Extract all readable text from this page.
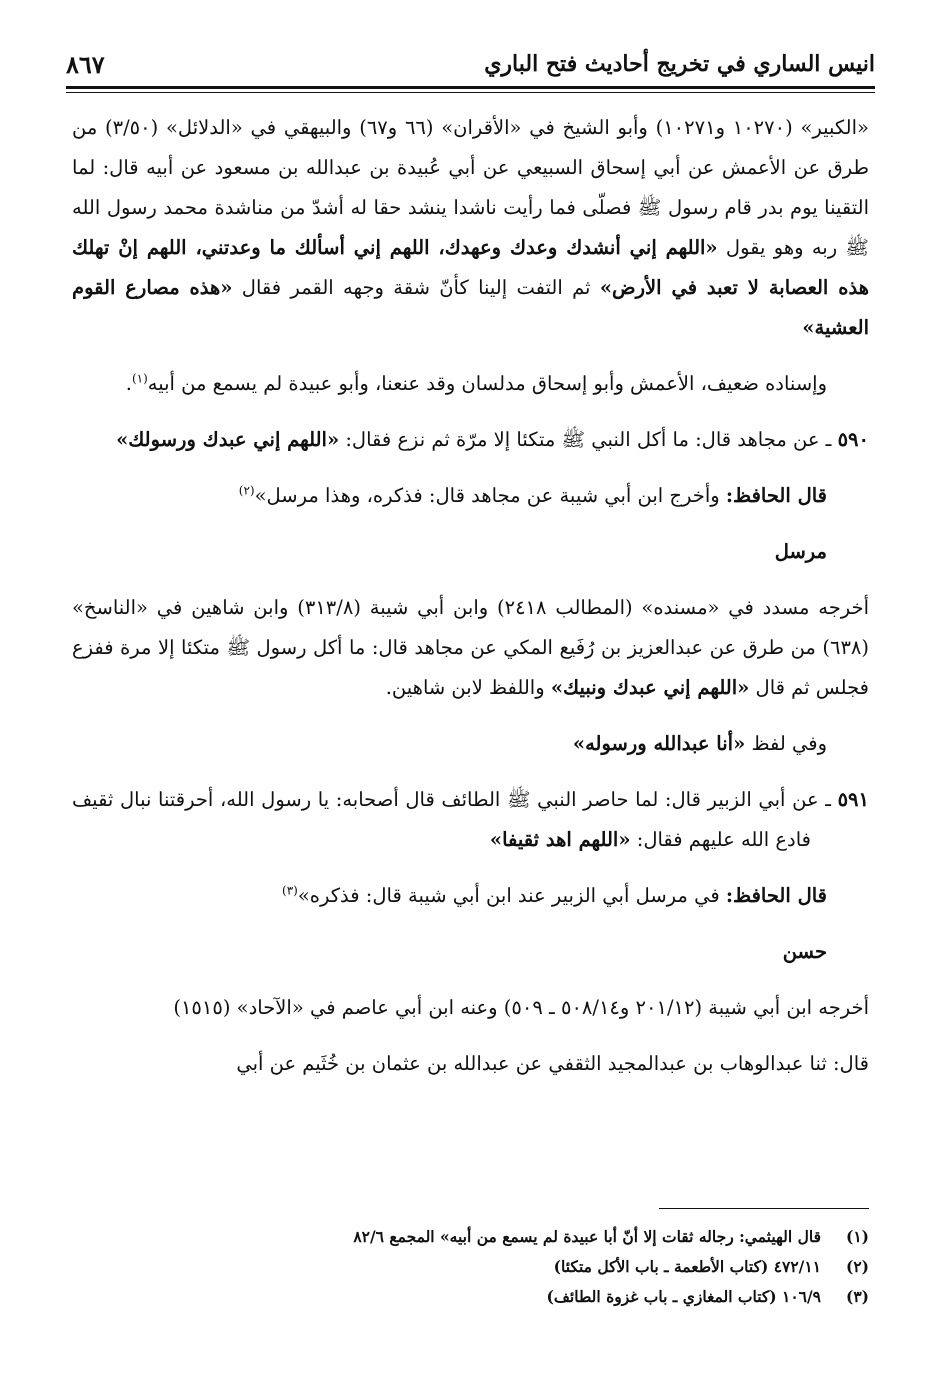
انيس الساري في تخريج أحاديث فتح الباري
٨٦٧

«الكبير» (١٠٢٧٠ و١٠٢٧١) وأبو الشيخ في «الأقران» (٦٦ و٦٧) والبيهقي في «الدلائل» (٣/٥٠) من طرق عن الأعمش عن أبي إسحاق السبيعي عن أبي عُبيدة بن عبدالله بن مسعود عن أبيه قال: لما التقينا يوم بدر قام رسول ﷺ فصلّى فما رأيت ناشدا ينشد حقا له أشدّ من مناشدة محمد رسول الله ﷺ ربه وهو يقول «اللهم إني أنشدك وعدك وعهدك، اللهم إني أسألك ما وعدتني، اللهم إنْ تهلك هذه العصابة لا تعبد في الأرض» ثم التفت إلينا كأنّ شقة وجهه القمر فقال «هذه مصارع القوم العشية»

وإسناده ضعيف، الأعمش وأبو إسحاق مدلسان وقد عنعنا، وأبو عبيدة لم يسمع من أبيه$^{(١)}$.

٥٩٠ ـ عن مجاهد قال: ما أكل النبي ﷺ متكئا إلا مرّة ثم نزع فقال: «اللهم إني عبدك ورسولك»

قال الحافظ: وأخرج ابن أبي شيبة عن مجاهد قال: فذكره، وهذا مرسل»$^{(٢)}$

مرسل

أخرجه مسدد في «مسنده» (المطالب ٢٤١٨) وابن أبي شيبة (٣١٣/٨) وابن شاهين في «الناسخ» (٦٣٨) من طرق عن عبدالعزيز بن رُفَيع المكي عن مجاهد قال: ما أكل رسول ﷺ متكئا إلا مرة ففزع فجلس ثم قال «اللهم إني عبدك ونبيك» واللفظ لابن شاهين.

وفي لفظ «أنا عبدالله ورسوله»

٥٩١ ـ عن أبي الزبير قال: لما حاصر النبي ﷺ الطائف قال أصحابه: يا رسول الله، أحرقتنا نبال ثقيف فادع الله عليهم فقال: «اللهم اهد ثقيفا»

قال الحافظ: في مرسل أبي الزبير عند ابن أبي شيبة قال: فذكره»$^{(٣)}$

حسن

أخرجه ابن أبي شيبة (٢٠١/١٢ و٥٠٨/١٤ ـ ٥٠٩) وعنه ابن أبي عاصم في «الآحاد» (١٥١٥)

قال: ثنا عبدالوهاب بن عبدالمجيد الثقفي عن عبدالله بن عثمان بن خُثَيم عن أبي

(١)
قال الهيثمي: رجاله ثقات إلا أنّ أبا عبيدة لم يسمع من أبيه» المجمع ٨٢/٦
(٢)
٤٧٢/١١ (كتاب الأطعمة ـ باب الأكل متكئا)
(٣)
١٠٦/٩ (كتاب المغازي ـ باب غزوة الطائف)
